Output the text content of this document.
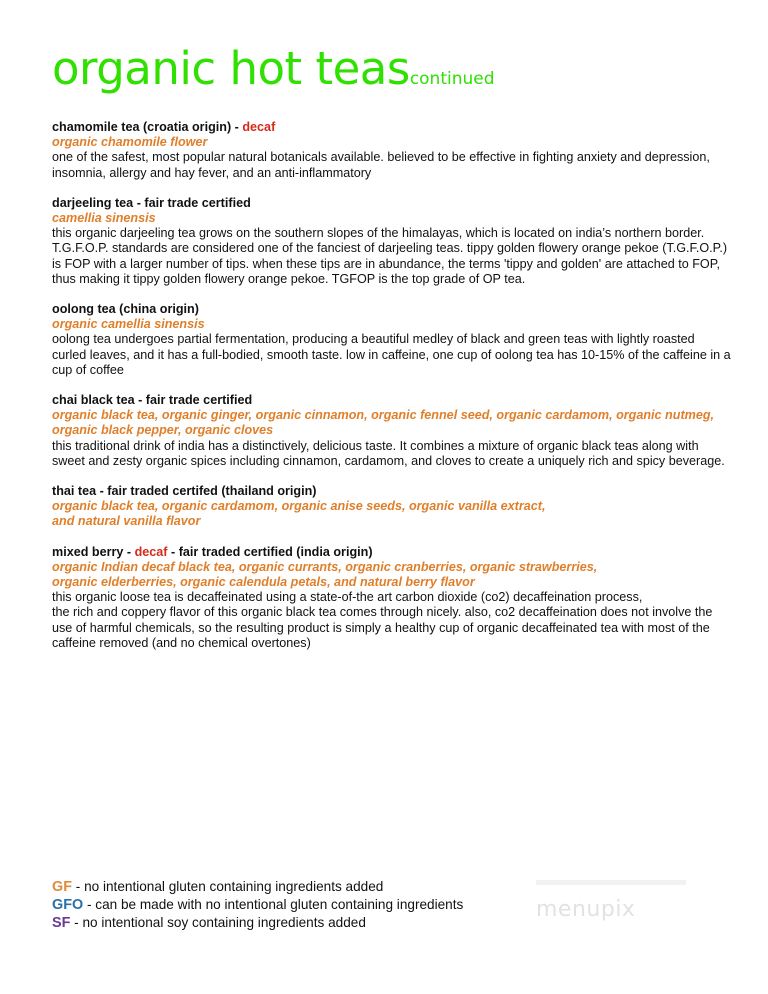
organic hot teascontinued
chamomile tea (croatia origin) - decaf
organic chamomile flower
one of the safest, most popular natural botanicals available. believed to be effective in fighting anxiety and depression, insomnia, allergy and hay fever, and an anti-inflammatory
darjeeling tea - fair trade certified
camellia sinensis
this organic darjeeling tea grows on the southern slopes of the himalayas, which is located on india’s northern border. T.G.F.O.P. standards are considered one of the fanciest of darjeeling teas. tippy golden flowery orange pekoe (T.G.F.O.P.) is FOP with a larger number of tips. when these tips are in abundance, the terms 'tippy and golden' are attached to FOP, thus making it tippy golden flowery orange pekoe. TGFOP is the top grade of OP tea.
oolong tea (china origin)
organic camellia sinensis
oolong tea undergoes partial fermentation, producing a beautiful medley of black and green teas with lightly roasted curled leaves, and it has a full-bodied, smooth taste. low in caffeine, one cup of oolong tea has 10-15% of the caffeine in a cup of coffee
chai black tea - fair trade certified
organic black tea, organic ginger, organic cinnamon, organic fennel seed, organic cardamom, organic nutmeg, organic black pepper, organic cloves
this traditional drink of india has a distinctively, delicious taste. It combines a mixture of organic black teas along with sweet and zesty organic spices including cinnamon, cardamom, and cloves to create a uniquely rich and spicy beverage.
thai tea - fair traded certifed (thailand origin)
organic black tea, organic cardamom, organic anise seeds, organic vanilla extract,
and natural vanilla flavor
mixed berry - decaf - fair traded certified (india origin)
organic Indian decaf black tea, organic currants, organic cranberries, organic strawberries,
organic elderberries, organic calendula petals, and natural berry flavor
this organic loose tea is decaffeinated using a state-of-the art carbon dioxide (co2) decaffeination process,
the rich and coppery flavor of this organic black tea comes through nicely. also, co2 decaffeination does not involve the use of harmful chemicals, so the resulting product is simply a healthy cup of organic decaffeinated tea with most of the caffeine removed (and no chemical overtones)
GF - no intentional gluten containing ingredients added
GFO - can be made with no intentional gluten containing ingredients
SF - no intentional soy containing ingredients added
menupix
